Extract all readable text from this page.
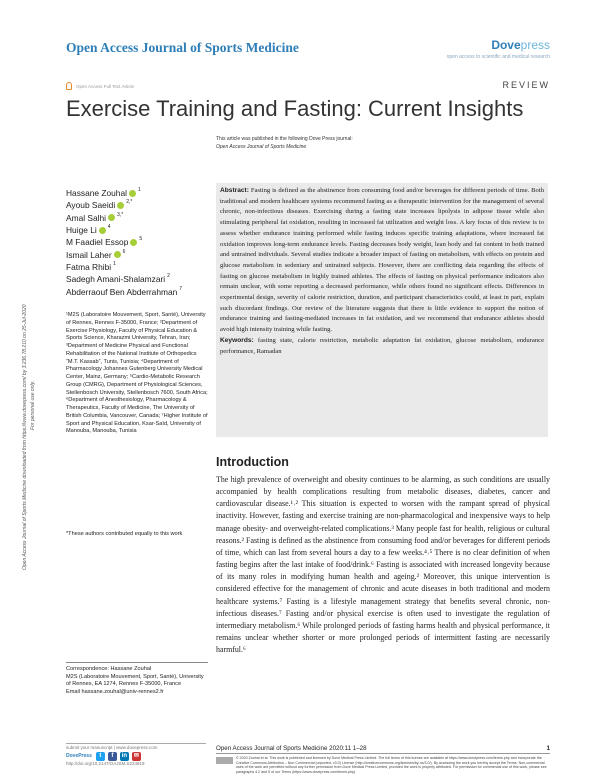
Open Access Journal of Sports Medicine	Dovepress
open access to scientific and medical research
Open Access Full Text Article	REVIEW
Exercise Training and Fasting: Current Insights
This article was published in the following Dove Press journal:
Open Access Journal of Sports Medicine
Open Access Journal of Sports Medicine downloaded from https://www.dovepress.com/ by 3.236.78.210 on 25-Jul-2020 For personal use only.
Hassane Zouhal 1
Ayoub Saeidi 2,*
Amal Salhi 3,*
Huige Li 4
M Faadiel Essop 5
Ismail Laher 6
Fatma Rhibi 1
Sadegh Amani-Shalamzari 2
Abderraouf Ben Abderrahman 7
¹M2S (Laboratoire Mouvement, Sport, Santé), University of Rennes, Rennes F-35000, France; ²Department of Exercise Physiology, Faculty of Physical Education & Sports Science, Kharazmi University, Tehran, Iran; ³Department of Medicine Physical and Functional Rehabilitation of the National Institute of Orthopedics “M.T. Kassab”, Tunis, Tunisia; ⁴Department of Pharmacology Johannes Gutenberg University Medical Center, Mainz, Germany; ⁵Cardio-Metabolic Research Group (CMRG), Department of Physiological Sciences, Stellenbosch University, Stellenbosch 7600, South Africa; ⁶Department of Anesthesiology, Pharmacology & Therapeutics, Faculty of Medicine, The University of British Columbia, Vancouver, Canada; ⁷Higher Institute of Sport and Physical Education, Ksar-Saïd, University of Manouba, Manouba, Tunisia
*These authors contributed equally to this work
Correspondence: Hassane Zouhal
M2S (Laboratoire Mouvement, Sport, Santé), University of Rennes, EA 1274, Rennes F-35000, France
Email hassane.zouhal@univ-rennes2.fr
Abstract: Fasting is defined as the abstinence from consuming food and/or beverages for different periods of time. Both traditional and modern healthcare systems recommend fasting as a therapeutic intervention for the management of several chronic, non-infectious diseases. Exercising during a fasting state increases lipolysis in adipose tissue while also stimulating peripheral fat oxidation, resulting in increased fat utilization and weight loss. A key focus of this review is to assess whether endurance training performed while fasting induces specific training adaptations, where increased fat oxidation improves long-term endurance levels. Fasting decreases body weight, lean body and fat content in both trained and untrained individuals. Several studies indicate a broader impact of fasting on metabolism, with effects on protein and glucose metabolism in sedentary and untrained subjects. However, there are conflicting data regarding the effects of fasting on glucose metabolism in highly trained athletes. The effects of fasting on physical performance indicators also remain unclear, with some reporting a decreased performance, while others found no significant effects. Differences in experimental design, severity of calorie restriction, duration, and participant characteristics could, at least in part, explain such discordant findings. Our review of the literature suggests that there is little evidence to support the notion of endurance training and fasting-mediated increases in fat oxidation, and we recommend that endurance athletes should avoid high intensity training while fasting.
Keywords: fasting state, calorie restriction, metabolic adaptation fat oxidation, glucose metabolism, endurance performance, Ramadan
Introduction
The high prevalence of overweight and obesity continues to be alarming, as such conditions are usually accompanied by health complications resulting from metabolic diseases, diabetes, cancer and cardiovascular disease.¹˒² This situation is expected to worsen with the rampant spread of physical inactivity. However, fasting and exercise training are non-pharmacological and inexpensive ways to help manage obesity- and overweight-related complications.³ Many people fast for health, religious or cultural reasons.² Fasting is defined as the abstinence from consuming food and/or beverages for different periods of time, which can last from several hours a day to a few weeks.⁴˒⁵ There is no clear definition of when fasting begins after the last intake of food/drink.⁶ Fasting is associated with increased longevity because of its many roles in modifying human health and ageing.² Moreover, this unique intervention is considered effective for the management of chronic and acute diseases in both traditional and modern healthcare systems.⁷ Fasting is a lifestyle management strategy that benefits several chronic, non-infectious diseases.⁷ Fasting and/or physical exercise is often used to investigate the regulation of intermediary metabolism.⁶ While prolonged periods of fasting harms health and physical performance, it remains unclear whether shorter or more prolonged periods of intermittent fasting are necessarily harmful.⁶
submit your manuscript | www.dovepress.com
DovePress	t	f	in	✉
http://doi.org/10.2147/OAJSM.S224919
Open Access Journal of Sports Medicine 2020:11 1–28	1
© 2020 Zouhal et al. This work is published and licensed by Dove Medical Press Limited. The full terms of this license are available at https://www.dovepress.com/terms.php and incorporate the Creative Commons Attribution – Non Commercial (unported, v3.0) License (http://creativecommons.org/licenses/by-nc/3.0/). By accessing the work you hereby accept the Terms. Non-commercial uses of the work are permitted without any further permission from Dove Medical Press Limited, provided the work is properly attributed. For permission for commercial use of this work, please see paragraphs 4.2 and 5 of our Terms (https://www.dovepress.com/terms.php).
